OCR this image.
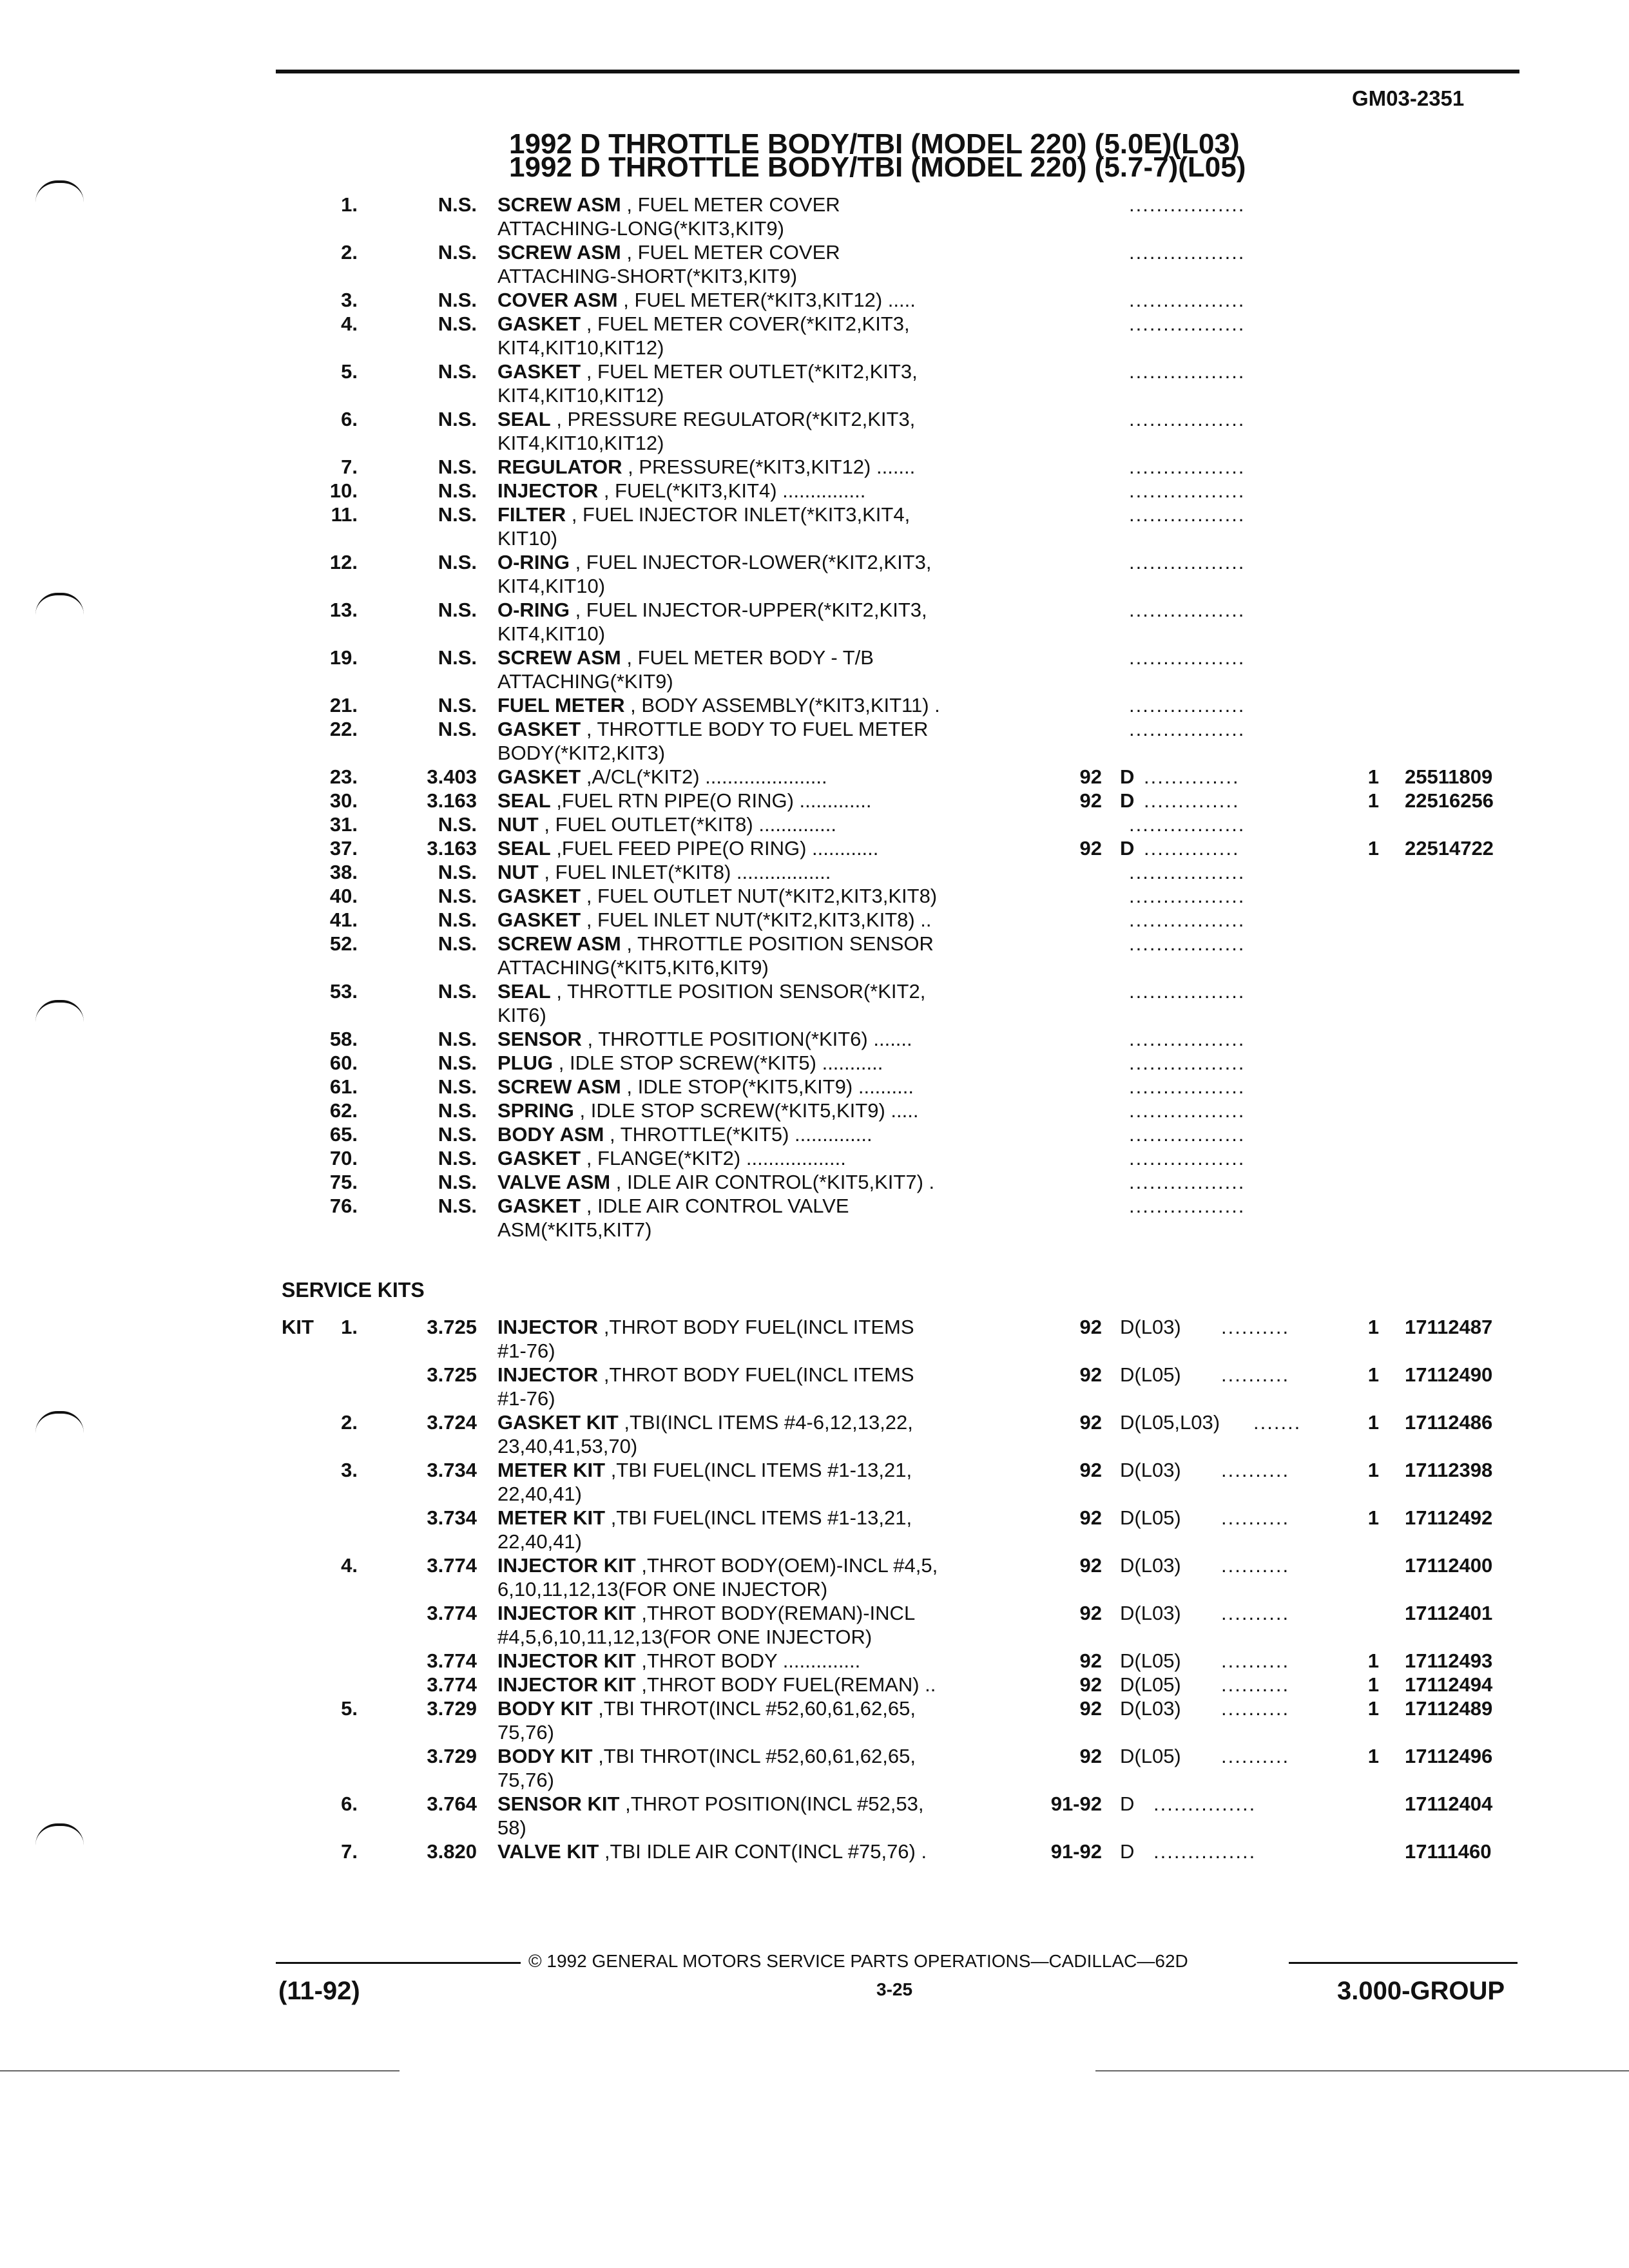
GM03-2351
1992 D THROTTLE BODY/TBI (MODEL 220) (5.0E)(L03)
1992 D THROTTLE BODY/TBI (MODEL 220) (5.7-7)(L05)
1.	N.S. SCREW ASM , FUEL METER COVER	.................
ATTACHING-LONG(*KIT3,KIT9)
2.	N.S. SCREW ASM , FUEL METER COVER	.................
ATTACHING-SHORT(*KIT3,KIT9)
3.	N.S. COVER ASM , FUEL METER(*KIT3,KIT12) .....	.................
4.	N.S. GASKET , FUEL METER COVER(*KIT2,KIT3,	.................
KIT4,KIT10,KIT12)
5.	N.S. GASKET , FUEL METER OUTLET(*KIT2,KIT3,	.................
KIT4,KIT10,KIT12)
6.	N.S. SEAL , PRESSURE REGULATOR(*KIT2,KIT3,	.................
KIT4,KIT10,KIT12)
7.	N.S. REGULATOR , PRESSURE(*KIT3,KIT12) .......	.................
10.	N.S. INJECTOR , FUEL(*KIT3,KIT4) ...............	.................
11.	N.S. FILTER , FUEL INJECTOR INLET(*KIT3,KIT4,	.................
KIT10)
12.	N.S. O-RING , FUEL INJECTOR-LOWER(*KIT2,KIT3,	.................
KIT4,KIT10)
13.	N.S. O-RING , FUEL INJECTOR-UPPER(*KIT2,KIT3,	.................
KIT4,KIT10)
19.	N.S. SCREW ASM , FUEL METER BODY - T/B	.................
ATTACHING(*KIT9)
21.	N.S. FUEL METER , BODY ASSEMBLY(*KIT3,KIT11) .	.................
22.	N.S. GASKET , THROTTLE BODY TO FUEL METER	.................
BODY(*KIT2,KIT3)
23.	3.403 GASKET ,A/CL(*KIT2) ......................	92 D ..............	1 25511809
30.	3.163 SEAL ,FUEL RTN PIPE(O RING) .............	92 D ..............	1 22516256
31.	N.S. NUT , FUEL OUTLET(*KIT8) ..............	.................
37.	3.163 SEAL ,FUEL FEED PIPE(O RING) ............	92 D ..............	1 22514722
38.	N.S. NUT , FUEL INLET(*KIT8) .................	.................
40.	N.S. GASKET , FUEL OUTLET NUT(*KIT2,KIT3,KIT8)	.................
41.	N.S. GASKET , FUEL INLET NUT(*KIT2,KIT3,KIT8) ..	.................
52.	N.S. SCREW ASM , THROTTLE POSITION SENSOR	.................
ATTACHING(*KIT5,KIT6,KIT9)
53.	N.S. SEAL , THROTTLE POSITION SENSOR(*KIT2,	.................
KIT6)
58.	N.S. SENSOR , THROTTLE POSITION(*KIT6) .......	.................
60.	N.S. PLUG , IDLE STOP SCREW(*KIT5) ...........	.................
61.	N.S. SCREW ASM , IDLE STOP(*KIT5,KIT9) ..........	.................
62.	N.S. SPRING , IDLE STOP SCREW(*KIT5,KIT9) .....	.................
65.	N.S. BODY ASM , THROTTLE(*KIT5) ..............	.................
70.	N.S. GASKET , FLANGE(*KIT2) ..................	.................
75.	N.S. VALVE ASM , IDLE AIR CONTROL(*KIT5,KIT7) .	.................
76.	N.S. GASKET , IDLE AIR CONTROL VALVE	.................
ASM(*KIT5,KIT7)
SERVICE KITS
KIT	1.	3.725 INJECTOR ,THROT BODY FUEL(INCL ITEMS	92 D(L03) ..........	1 17112487
#1-76)
3.725 INJECTOR ,THROT BODY FUEL(INCL ITEMS	92 D(L05) ..........	1 17112490
#1-76)
2.	3.724 GASKET KIT ,TBI(INCL ITEMS #4-6,12,13,22,	92 D(L05,L03) .......	1 17112486
23,40,41,53,70)
3.	3.734 METER KIT ,TBI FUEL(INCL ITEMS #1-13,21,	92 D(L03) ..........	1 17112398
22,40,41)
3.734 METER KIT ,TBI FUEL(INCL ITEMS #1-13,21,	92 D(L05) ..........	1 17112492
22,40,41)
4.	3.774 INJECTOR KIT ,THROT BODY(OEM)-INCL #4,5,	92 D(L03) ..........	17112400
6,10,11,12,13(FOR ONE INJECTOR)
3.774 INJECTOR KIT ,THROT BODY(REMAN)-INCL	92 D(L03) ..........	17112401
#4,5,6,10,11,12,13(FOR ONE INJECTOR)
3.774 INJECTOR KIT ,THROT BODY ..............	92 D(L05) ..........	1 17112493
3.774 INJECTOR KIT ,THROT BODY FUEL(REMAN) ..	92 D(L05) ..........	1 17112494
5.	3.729 BODY KIT ,TBI THROT(INCL #52,60,61,62,65,	92 D(L03) ..........	1 17112489
75,76)
3.729 BODY KIT ,TBI THROT(INCL #52,60,61,62,65,	92 D(L05) ..........	1 17112496
75,76)
6.	3.764 SENSOR KIT ,THROT POSITION(INCL #52,53,	91-92 D ...............	17112404
58)
7.	3.820 VALVE KIT ,TBI IDLE AIR CONT(INCL #75,76) .	91-92 D ...............	17111460
© 1992 GENERAL MOTORS SERVICE PARTS OPERATIONS—CADILLAC—62D
(11-92)	3-25	3.000-GROUP
